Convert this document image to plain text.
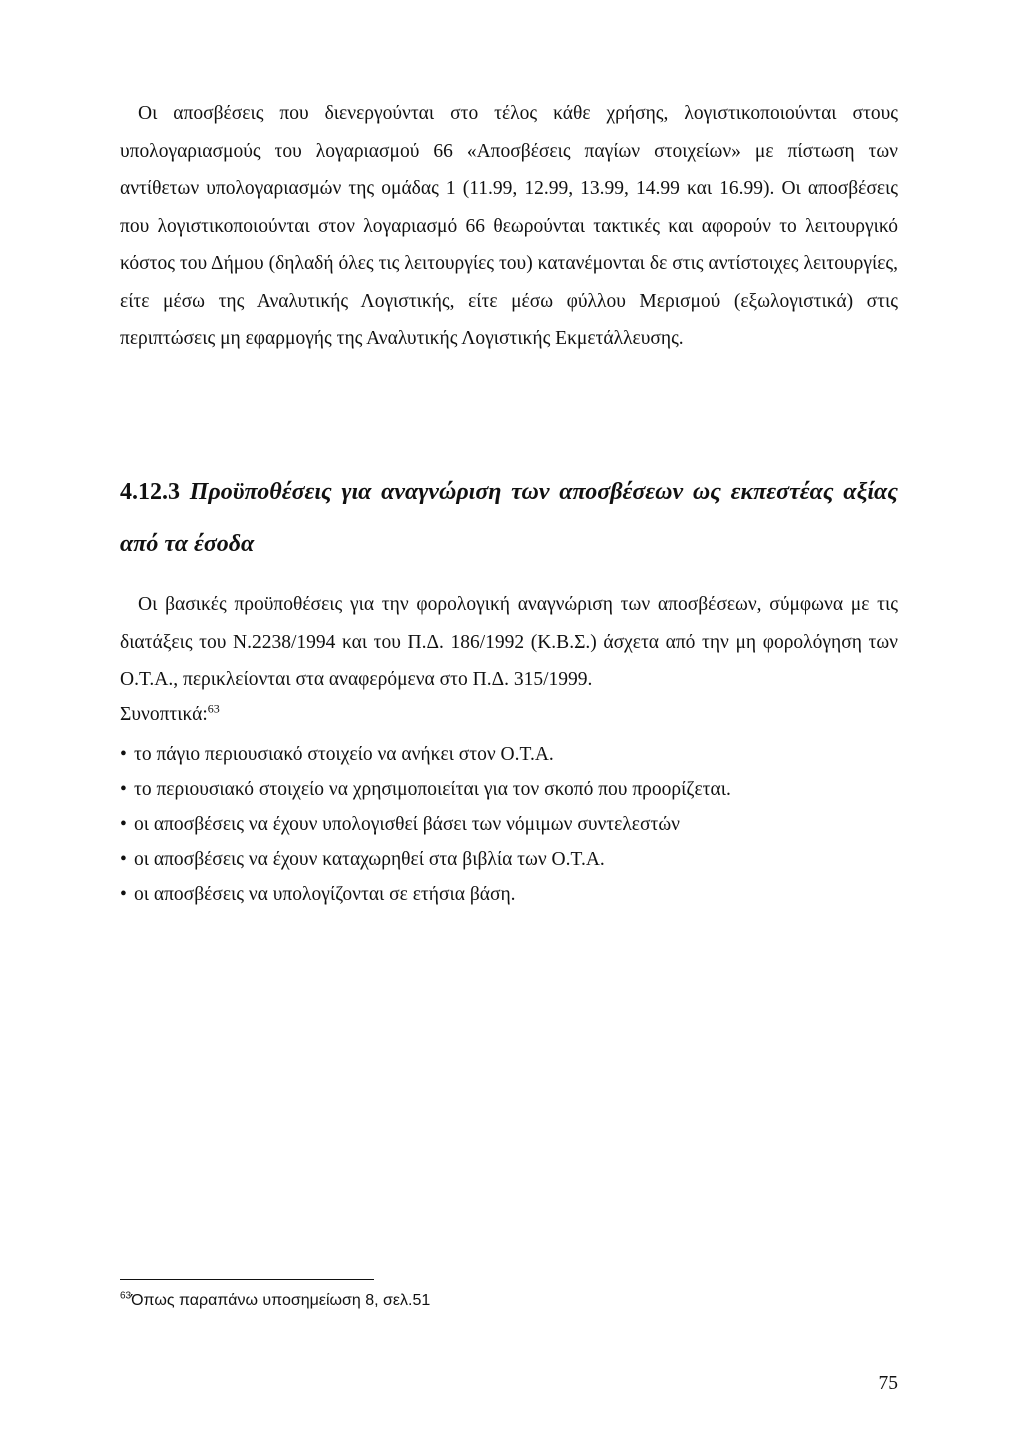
Οι αποσβέσεις που διενεργούνται στο τέλος κάθε χρήσης, λογιστικοποιούνται στους υπολογαριασμούς του λογαριασμού 66 «Αποσβέσεις παγίων στοιχείων» με πίστωση των αντίθετων υπολογαριασμών της ομάδας 1 (11.99, 12.99, 13.99, 14.99 και 16.99). Οι αποσβέσεις που λογιστικοποιούνται στον λογαριασμό 66 θεωρούνται τακτικές και αφορούν το λειτουργικό κόστος του Δήμου (δηλαδή όλες τις λειτουργίες του) κατανέμονται δε στις αντίστοιχες λειτουργίες, είτε μέσω της Αναλυτικής Λογιστικής, είτε μέσω φύλλου Μερισμού (εξωλογιστικά) στις περιπτώσεις μη εφαρμογής της Αναλυτικής Λογιστικής Εκμετάλλευσης.
4.12.3 Προϋποθέσεις για αναγνώριση των αποσβέσεων ως εκπεστέας αξίας από τα έσοδα
Οι βασικές προϋποθέσεις για την φορολογική αναγνώριση των αποσβέσεων, σύμφωνα με τις διατάξεις του Ν.2238/1994 και του Π.Δ. 186/1992 (Κ.Β.Σ.) άσχετα από την μη φορολόγηση των Ο.Τ.Α., περικλείονται στα αναφερόμενα στο Π.Δ. 315/1999.
Συνοπτικά:$^{63}$
• το πάγιο περιουσιακό στοιχείο να ανήκει στον Ο.Τ.Α.
• το περιουσιακό στοιχείο να χρησιμοποιείται για τον σκοπό που προορίζεται.
• οι αποσβέσεις να έχουν υπολογισθεί βάσει των νόμιμων συντελεστών
• οι αποσβέσεις να έχουν καταχωρηθεί στα βιβλία των Ο.Τ.Α.
• οι αποσβέσεις να υπολογίζονται σε ετήσια βάση.
$^{63}$Όπως παραπάνω υποσημείωση 8, σελ.51
75
